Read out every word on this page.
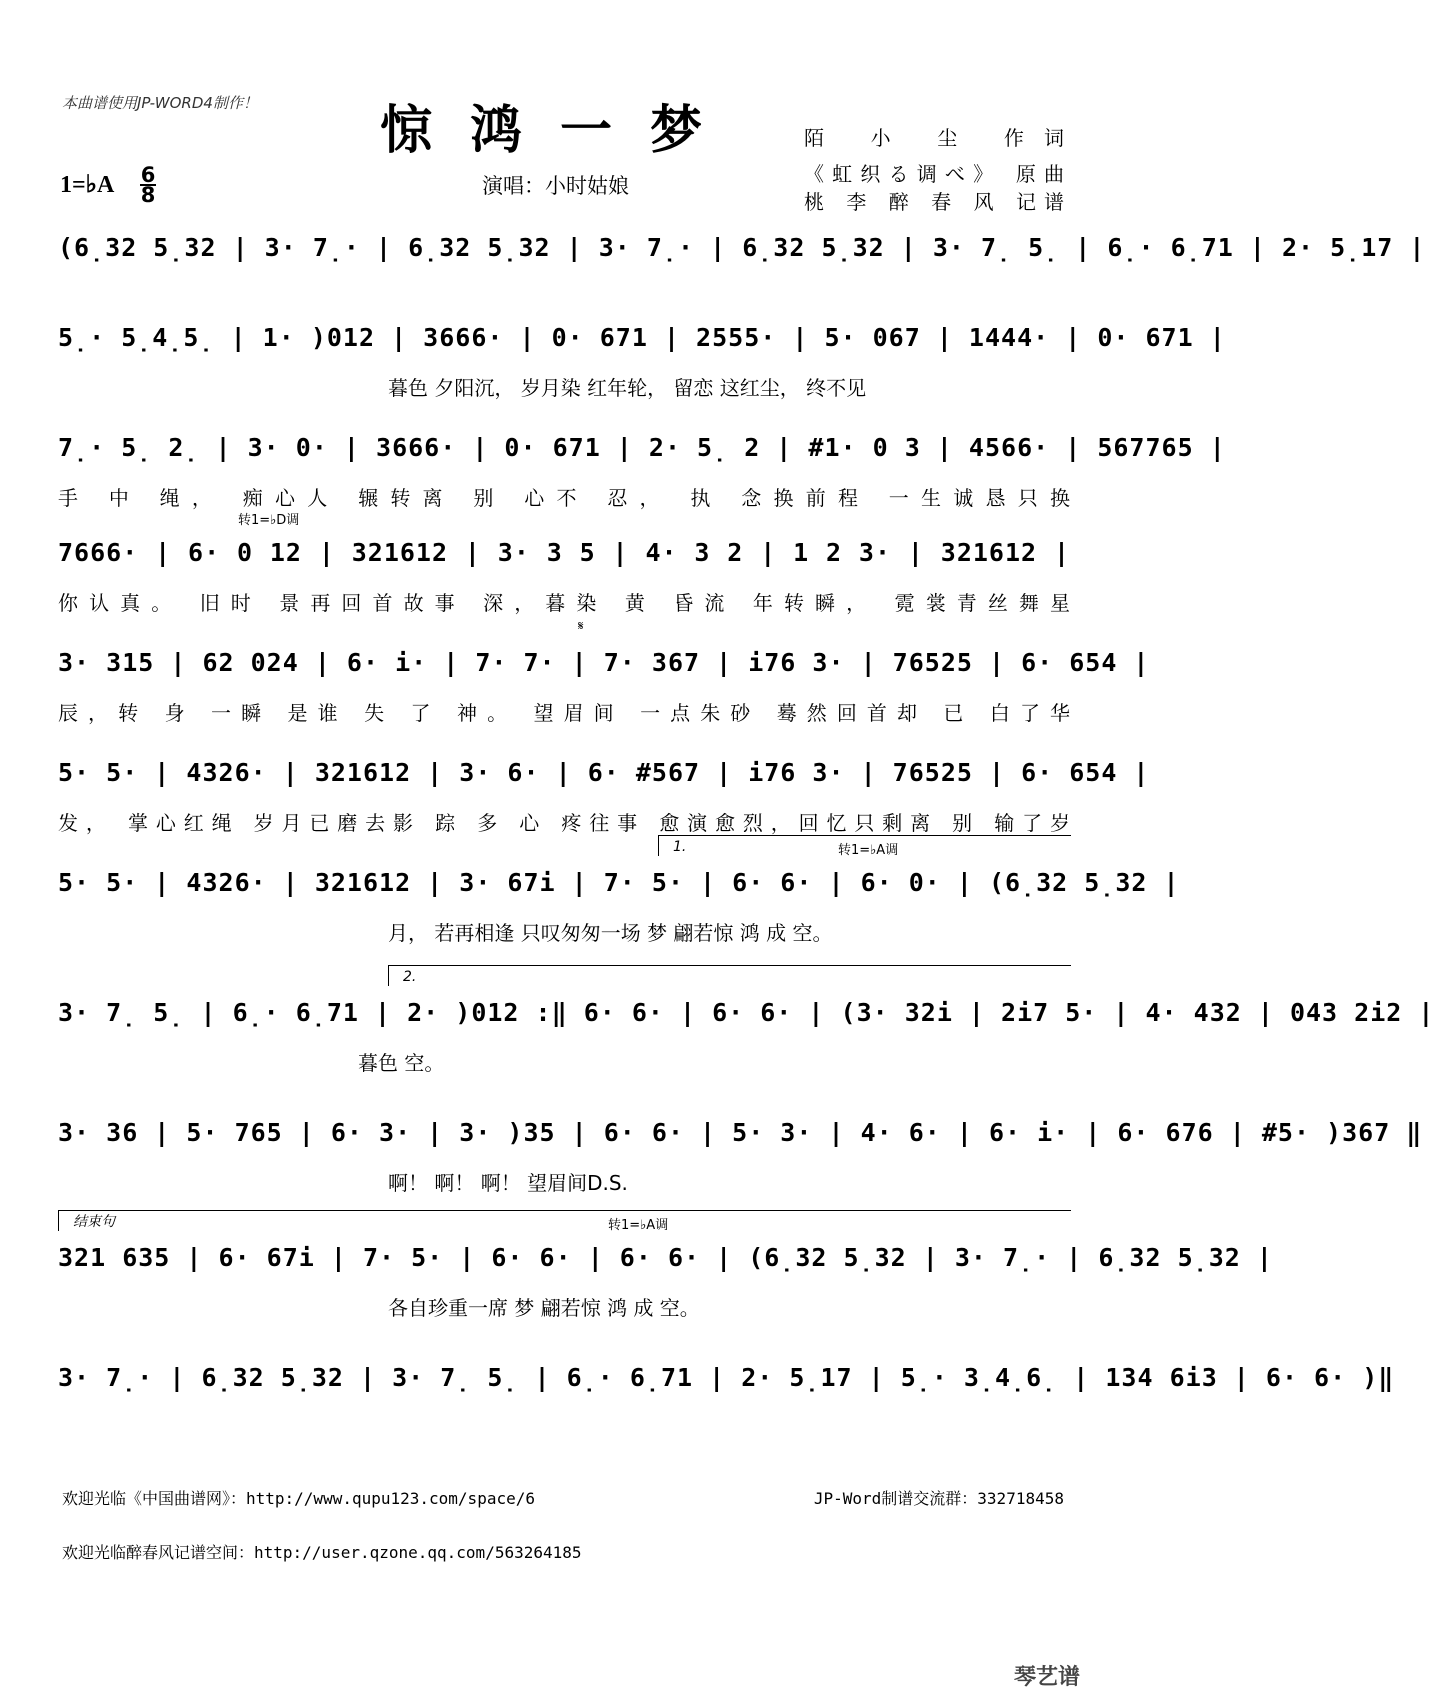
本曲谱使用JP-WORD4制作！	惊鸿一梦
1=♭A 6
8	演唱：小时姑娘
陌 小 尘 作词
《虹织る调べ》 原曲
桃 李 醉 春 风 记谱
(6̣32 5̣32 | 3· 7̣· | 6̣32 5̣32 | 3· 7̣· | 6̣32 5̣32 | 3· 7̣ 5̣ | 6̣· 6̣71 | 2· 5̣17 |
5̣· 5̣4̣5̣ | 1· )012 | 3666· | 0· 671 | 2555· | 5· 067 | 1444· | 0· 671 |
暮色 夕阳沉， 岁月染 红年轮， 留恋 这红尘， 终不见
7̣· 5̣ 2̣ | 3· 0· | 3666· | 0· 671 | 2· 5̣ 2 | #1· 0 3 | 4566· | 567765 |
手 中 绳， 痴心人 辗转离 别 心不 忍， 执 念换前程 一生诚恳只换
7666· | 6· 0 12 | 321612 | 3· 3 5 | 4· 3 2 | 1 2 3· | 321612 |
你认真。 旧时 景再回首故事 深，暮染 黄 昏流 年转瞬， 霓裳青丝舞星
转1=♭D调
3· 315 | 62 024 | 6· i· | 7· 7· | 7· 367 | i76 3· | 76525 | 6· 654 |
辰，转 身 一瞬 是谁 失 了 神。 望眉间 一点朱砂 蓦然回首却 已 白了华
𝄋
5· 5· | 4326· | 321612 | 3· 6· | 6· #567 | i76 3· | 76525 | 6· 654 |
发， 掌心红绳 岁月已磨去影 踪 多 心 疼往事 愈演愈烈，回忆只剩离 别 输了岁
5· 5· | 4326· | 321612 | 3· 67i | 7· 5· | 6· 6· | 6· 0· | (6̣32 5̣32 |
月， 若再相逢 只叹匆匆一场 梦 翩若惊 鸿 成 空。
1.	转1=♭A调
3· 7̣ 5̣ | 6̣· 6̣71 | 2· )012 :‖ 6· 6· | 6· 6· | (3· 32i | 2i7 5· | 4· 432 | 043 2i2 |
暮色 空。
2.
3· 36 | 5· 765 | 6· 3· | 3· )35 | 6· 6· | 5· 3· | 4· 6· | 6· i· | 6· 676 | #5· )367 ‖
啊！ 啊！ 啊！ 望眉间D.S.
321 635 | 6· 67i | 7· 5· | 6· 6· | 6· 6· | (6̣32 5̣32 | 3· 7̣· | 6̣32 5̣32 |
各自珍重一席 梦 翩若惊 鸿 成 空。
结束句	转1=♭A调
3· 7̣· | 6̣32 5̣32 | 3· 7̣ 5̣ | 6̣· 6̣71 | 2· 5̣17 | 5̣· 3̣4̣6̣ | 134 6i3 | 6· 6· )‖
欢迎光临《中国曲谱网》：http://www.qupu123.com/space/6	JP-Word制谱交流群：332718458
欢迎光临醉春风记谱空间：http://user.qzone.qq.com/563264185
琴艺谱
